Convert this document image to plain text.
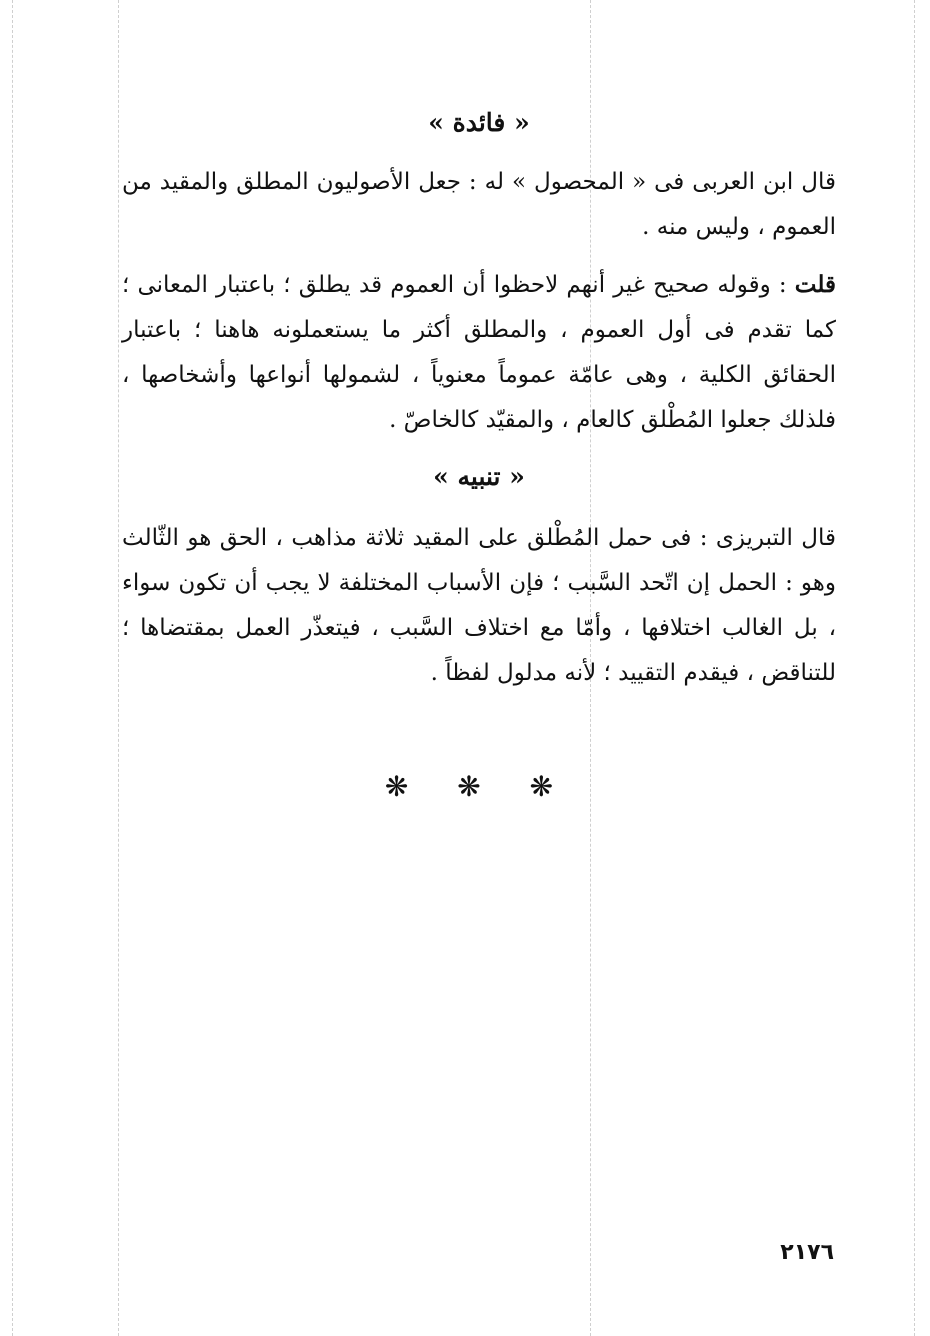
« فائدة »

قال ابن العربى فى « المحصول » له : جعل الأصوليون المطلق والمقيد من العموم ، وليس منه .

قلت : وقوله صحيح غير أنهم لاحظوا أن العموم قد يطلق ؛ باعتبار المعانى ؛ كما تقدم فى أول العموم ، والمطلق أكثر ما يستعملونه هاهنا ؛ باعتبار الحقائق الكلية ، وهى عامّة عموماً معنوياً ، لشمولها أنواعها وأشخاصها ، فلذلك جعلوا المُطْلق كالعام ، والمقيّد كالخاصّ .

« تنبيه »

قال التبريزى : فى حمل المُطْلق على المقيد ثلاثة مذاهب ، الحق هو الثّالث وهو : الحمل إن اتّحد السَّبب ؛ فإن الأسباب المختلفة لا يجب أن تكون سواء ، بل الغالب اختلافها ، وأمّا مع اختلاف السَّبب ، فيتعذّر العمل بمقتضاها ؛ للتناقض ، فيقدم التقييد ؛ لأنه مدلول لفظاً .

❋ ❋ ❋
٢١٧٦
